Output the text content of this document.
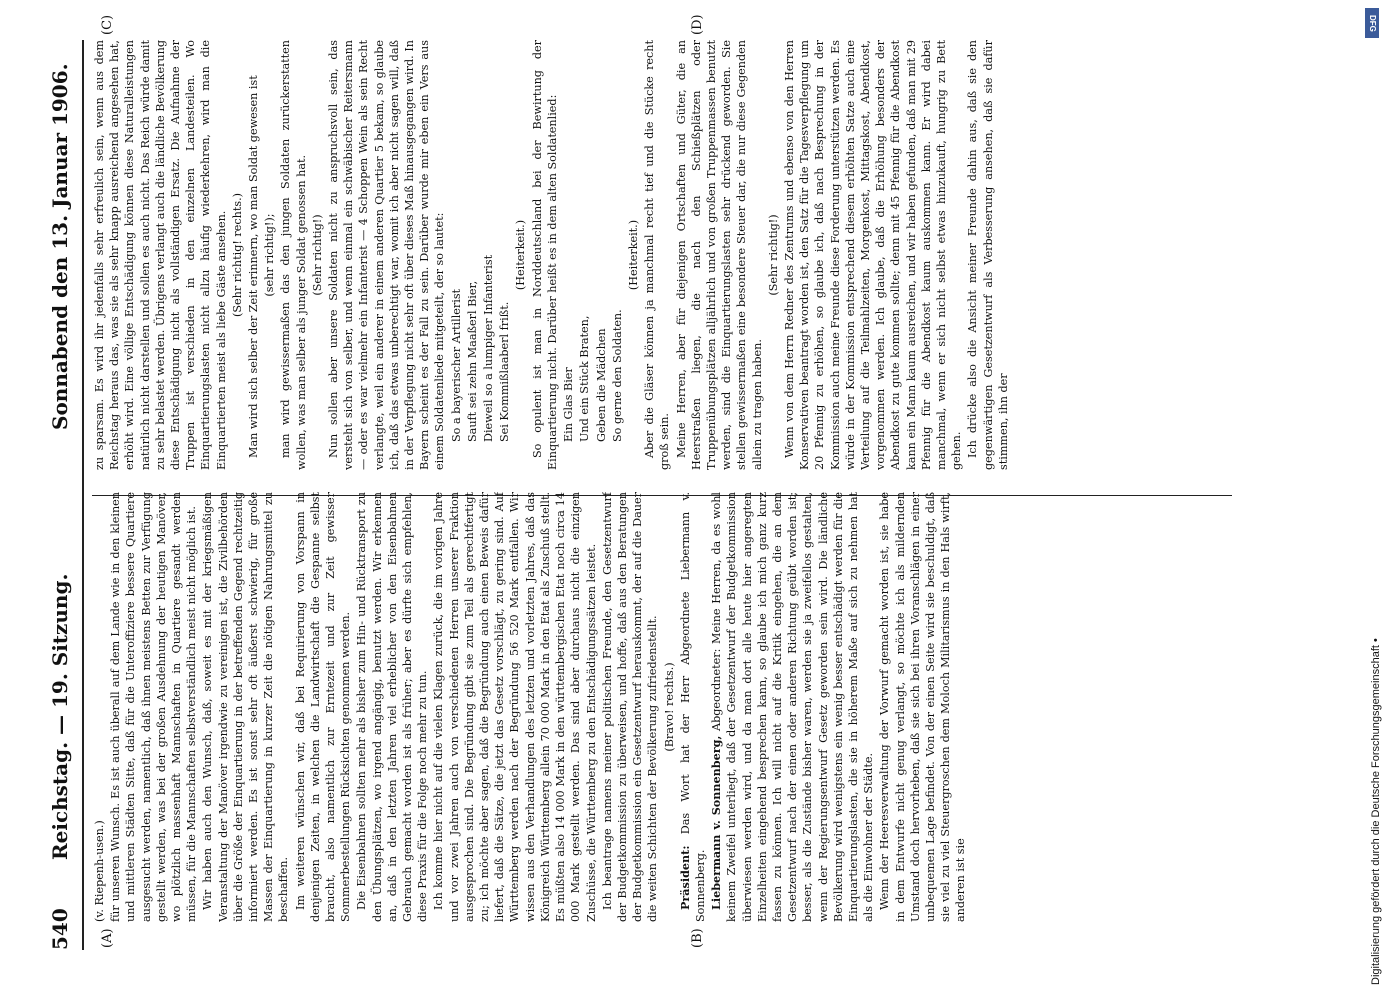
540
Reichstag. — 19. Sitzung.
Sonnabend den 13. Januar 1906.
(A)	(B)
(C)	(D)

(v. Riepenh-usen.) für unseren Wunsch. Es ist auch überall auf dem Lande wie in den kleinen und mittleren Städten Sitte, daß für die Unteroffiziere bessere Quartiere ausgesucht werden, namentlich, daß ihnen meistens Betten zur Verfügung gestellt werden, was bei der großen Ausdehnung der heutigen Manöver, wo plötzlich massenhaft Mannschaften in Quartiere gesandt werden müssen, für die Mannschaften selbstverständlich meist nicht möglich ist. Wir haben auch den Wunsch, daß, soweit es mit der kriegsmäßigen Veranstaltung der Manöver irgendwie zu vereinigen ist, die Zivilbehörden über die Größe der Einquartierung in der betreffenden Gegend rechtzeitig informiert werden. Es ist sonst sehr oft äußerst schwierig, für große Massen der Einquartierung in kurzer Zeit die nötigen Nahrungsmittel zu beschaffen. Im weiteren wünschen wir, daß bei Requirierung von Vorspann in denjenigen Zeiten, in welchen die Landwirtschaft die Gespanne selbst braucht, also namentlich zur Erntezeit und zur Zeit gewisser Sommerbestellungen Rücksichten genommen werden. Die Eisenbahnen sollten mehr als bisher zum Hin- und Rücktransport zu den Übungsplätzen, wo irgend angängig, benutzt werden. Wir erkennen an, daß in den letzten Jahren viel erheblicher von den Eisenbahnen Gebrauch gemacht worden ist als früher; aber es dürfte sich empfehlen, diese Praxis für die Folge noch mehr zu tun. Ich komme hier nicht auf die vielen Klagen zurück, die im vorigen Jahre und vor zwei Jahren auch von verschiedenen Herren unserer Fraktion ausgesprochen sind. Die Begründung gibt sie zum Teil als gerechtfertigt zu; ich möchte aber sagen, daß die Begründung auch einen Beweis dafür liefert, daß die Sätze, die jetzt das Gesetz vorschlägt, zu gering sind. Auf Württemberg werden nach der Begründung 56 520 Mark entfallen. Wir wissen aus den Verhandlungen des letzten und vorletzten Jahres, daß das Königreich Württemberg allein 70 000 Mark in den Etat als Zuschuß stellt. Es müßten also 14 000 Mark in den württembergischen Etat noch circa 14 000 Mark gestellt werden. Das sind aber durchaus nicht die einzigen Zuschüsse, die Württemberg zu den Entschädigungssätzen leistet. Ich beantrage namens meiner politischen Freunde, den Gesetzentwurf der Budgetkommission zu überweisen, und hoffe, daß aus den Beratungen der Budgetkommission ein Gesetzentwurf herauskommt, der auf die Dauer die weiten Schichten der Bevölkerung zufriedenstellt. (Bravo! rechts.)

Präsident: Das Wort hat der Herr Abgeordnete Liebermann v. Sonnenberg. Liebermann v. Sonnenberg, Abgeordneter: Meine Herren, da es wohl keinem Zweifel unterliegt, daß der Gesetzentwurf der Budgetkommission überwiesen werden wird, und da man dort alle heute hier angeregten Einzelheiten eingehend besprechen kann, so glaube ich mich ganz kurz fassen zu können. Ich will nicht auf die Kritik eingehen, die an dem Gesetzentwurf nach der einen oder anderen Richtung geübt worden ist; besser, als die Zustände bisher waren, werden sie ja zweifellos gestalten, wenn der Regierungsentwurf Gesetz geworden sein wird. Die ländliche Bevölkerung wird wenigstens ein wenig besser entschädigt werden für die Einquartierungslasten, die sie in höherem Maße auf sich zu nehmen hat als die Einwohner der Städte. Wenn der Heeresverwaltung der Vorwurf gemacht worden ist, sie habe in dem Entwurfe nicht genug verlangt, so möchte ich als mildernden Umstand doch hervorheben, daß sie sich bei ihren Voranschlägen in einer unbequemen Lage befindet. Von der einen Seite wird sie beschuldigt, daß sie viel zu viel Steuergroschen dem Moloch Militarismus in den Hals wirft, anderen ist sie

zu sparsam. Es wird ihr jedenfalls sehr erfreulich sein, wenn aus dem Reichstag heraus das, was sie als sehr knapp ausreichend angesehen hat, erhöht wird. Eine völlige Entschädigung können diese Naturalleistungen natürlich nicht darstellen und sollen es auch nicht. Das Reich würde damit zu sehr belastet werden. Übrigens verlangt auch die ländliche Bevölkerung diese Entschädigung nicht als vollständigen Ersatz. Die Aufnahme der Truppen ist verschieden in den einzelnen Landesteilen. Wo Einquartierungslasten nicht allzu häufig wiederkehren, wird man die Einquartierten meist als liebe Gäste ansehen. (Sehr richtig! rechts.) Man wird sich selber der Zeit erinnern, wo man Soldat gewesen ist (sehr richtig!); man wird gewissermaßen das den jungen Soldaten zurückerstatten wollen, was man selber als junger Soldat genossen hat. (Sehr richtig!) Nun sollen aber unsere Soldaten nicht zu anspruchsvoll sein, das versteht sich von selber, und wenn einmal ein schwäbischer Reitersmann — oder es war vielmehr ein Infanterist — 4 Schoppen Wein als sein Recht verlangte, weil ein anderer in einem anderen Quartier 5 bekam, so glaube ich, daß das etwas unberechtigt war, womit ich aber nicht sagen will, daß in der Verpflegung nicht sehr oft über dieses Maß hinausgegangen wird. In Bayern scheint es der Fall zu sein. Darüber wurde mir eben ein Vers aus einem Soldatenliede mitgeteilt, der so lautet: So a bayerischer Artillerist Sauft sei zehn Maaßerl Bier, Dieweil so a lumpiger Infanterist Sei Kommißlaaberl frißt.

(Heiterkeit.) So opulent ist man in Norddeutschland bei der Bewirtung der Einquartierung nicht. Darüber heißt es in dem alten Soldatenlied: Ein Glas Bier Und ein Stück Braten, Geben die Mädchen So gerne den Soldaten.

(Heiterkeit.) Aber die Gläser können ja manchmal recht tief und die Stücke recht groß sein. Meine Herren, aber für diejenigen Ortschaften und Güter, die an Heerstraßen liegen, die nach den Schießplätzen oder Truppenübungsplätzen alljährlich und von großen Truppenmassen benutzt werden, sind die Einquartierungslasten sehr drückend geworden. Sie stellen gewissermaßen eine besondere Steuer dar, die nur diese Gegenden allein zu tragen haben.

(Sehr richtig!) Wenn von dem Herrn Redner des Zentrums und ebenso von den Herren Konservativen beantragt worden ist, den Satz für die Tagesverpflegung um 20 Pfennig zu erhöhen, so glaube ich, daß nach Besprechung in der Kommission auch meine Freunde diese Forderung unterstützen werden. Es würde in der Kommission entsprechend diesem erhöhten Satze auch eine Verteilung auf die Teilmahlzeiten, Morgenkost, Mittagskost, Abendkost, vorgenommen werden. Ich glaube, daß die Erhöhung besonders der Abendkost zu gute kommen sollte; denn mit 45 Pfennig für die Abendkost kann ein Mann kaum ausreichen, und wir haben gefunden, daß man mit 29 Pfennig für die Abendkost kaum auskommen kann. Er wird dabei manchmal, wenn er sich nicht selbst etwas hinzukauft, hungrig zu Bett gehen. Ich drücke also die Ansicht meiner Freunde dahin aus, daß sie den gegenwärtigen Gesetzentwurf als Verbesserung ansehen, daß sie dafür stimmen, ihn der

DFG
Digitalisierung gefördert durch die Deutsche Forschungsgemeinschaft •
